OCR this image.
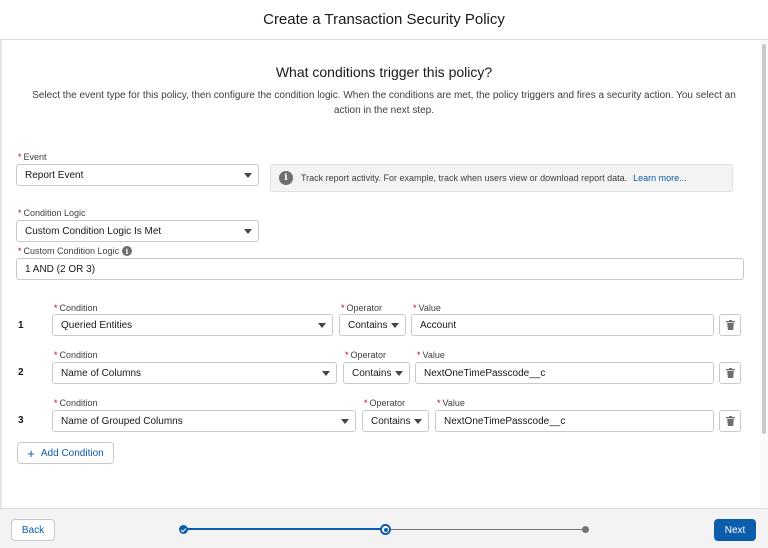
Create a Transaction Security Policy
What conditions trigger this policy?
Select the event type for this policy, then configure the condition logic. When the conditions are met, the policy triggers and fires a security action. You select an action in the next step.
* Event
Report Event	i	Track report activity. For example, track when users view or download report data. Learn more...
* Condition Logic
Custom Condition Logic Is Met
* Custom Condition Logic i
1 AND (2 OR 3)
* Condition	* Operator	* Value
1	Queried Entities	Contains	Account
* Condition	* Operator	* Value
2	Name of Columns	Contains	NextOneTimePasscode__c
* Condition	* Operator	* Value
3	Name of Grouped Columns	Contains	NextOneTimePasscode__c
+ Add Condition
Back	Next
